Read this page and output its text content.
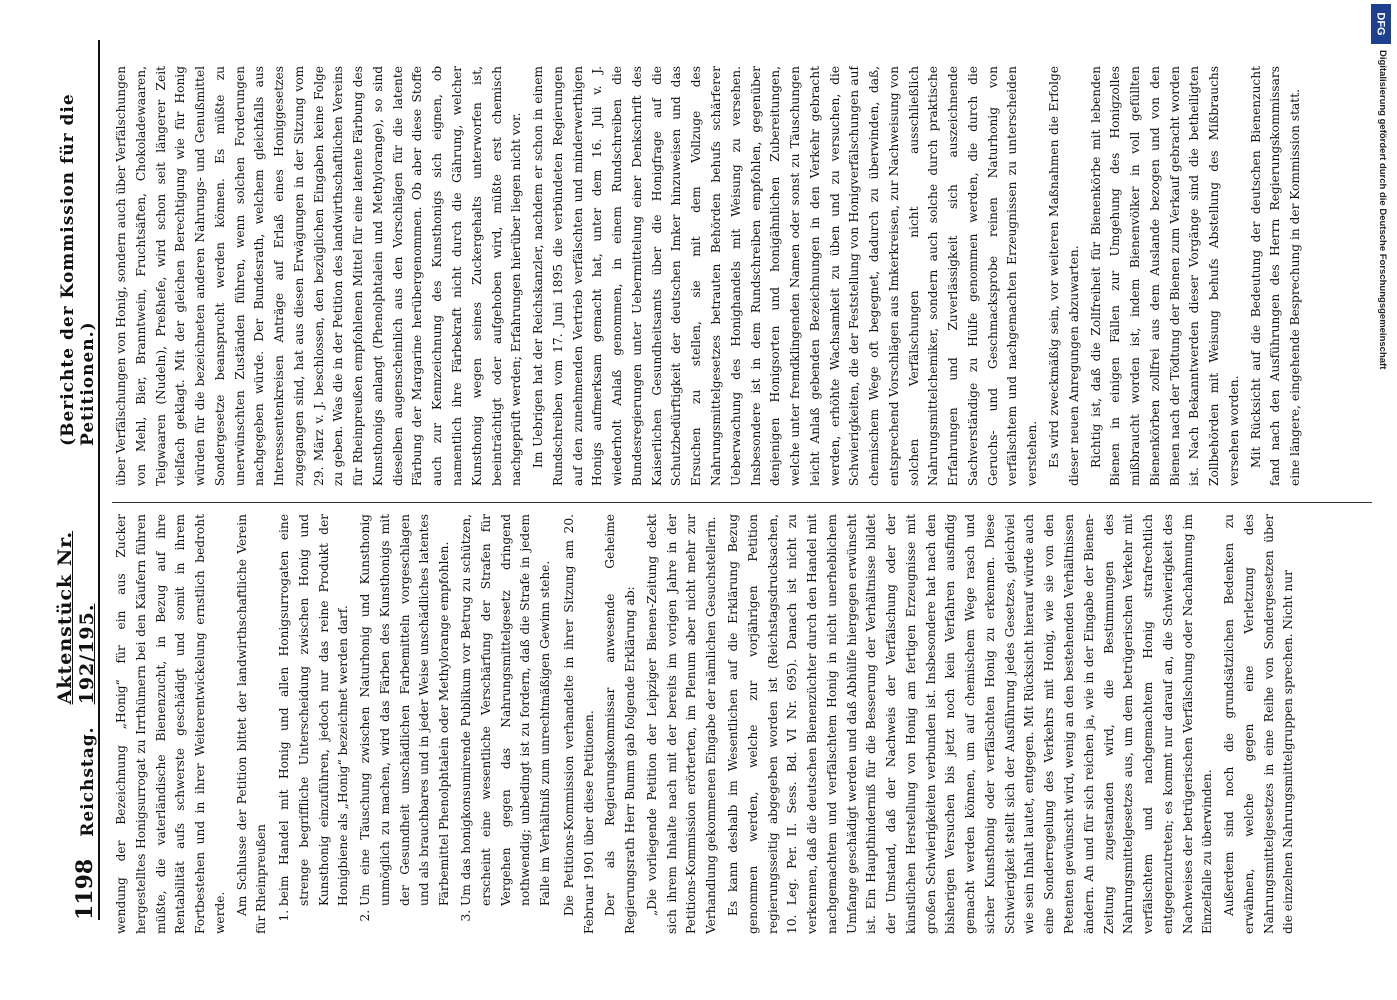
1198
Reichstag.
Aktenstück Nr. 192/195.
(Berichte der Kommission für die Petitionen.)

wendung der Bezeichnung „Honig“ für ein aus Zucker hergestelltes Honigsurrogat zu Irrthümern bei den Käufern führen müßte, die vaterländische Bienenzucht, in Bezug auf ihre Rentabilität aufs schwerste geschädigt und somit in ihrem Fortbestehen und in ihrer Weiterentwickelung ernstlich bedroht werde. Am Schlusse der Petition bittet der landwirthschaftliche Verein für Rheinpreußen 1. beim Handel mit Honig und allen Honigsurrogaten eine strenge begriffliche Unterscheidung zwischen Honig und Kunsthonig einzuführen, jedoch nur das reine Produkt der Honigbiene als „Honig“ bezeichnet werden darf. 2. Um eine Täuschung zwischen Naturhonig und Kunsthonig unmöglich zu machen, wird das Färben des Kunsthonigs mit der Gesundheit unschädlichen Farbemitteln vorgeschlagen und als brauchbares und in jeder Weise unschädliches latentes Färbemittel Phenolphtalein oder Methylorange empfohlen. 3. Um das honigkonsumirende Publikum vor Betrug zu schützen, erscheint eine wesentliche Verschärfung der Strafen für Vergehen gegen das Nahrungsmittelgesetz dringend nothwendig; unbedingt ist zu fordern, daß die Strafe in jedem Falle im Verhältniß zum unrechtmäßigen Gewinn stehe. Die Petitions-Kommission verhandelte in ihrer Sitzung am 20. Februar 1901 über diese Petitionen. Der als Regierungskommissar anwesende Geheime Regierungsrath Herr Bumm gab folgende Erklärung ab: „Die vorliegende Petition der Leipziger Bienen-Zeitung deckt sich ihrem Inhalte nach mit der bereits im vorigen Jahre in der Petitions-Kommission erörterten, im Plenum aber nicht mehr zur Verhandlung gekommenen Eingabe der nämlichen Gesuchstellerin. Es kann deshalb im Wesentlichen auf die Erklärung Bezug genommen werden, welche zur vorjährigen Petition regierungsseitig abgegeben worden ist (Reichstagsdrucksachen, 10. Leg. Per. II. Sess. Bd. VI Nr. 695). Danach ist nicht zu verkennen, daß die deutschen Bienenzüchter durch den Handel mit nachgemachtem und verfälschtem Honig in nicht unerheblichem Umfange geschädigt werden und daß Abhülfe hiergegen erwünscht ist. Ein Haupthinderniß für die Besserung der Verhältnisse bildet der Umstand, daß der Nachweis der Verfälschung oder der künstlichen Herstellung von Honig am fertigen Erzeugnisse mit großen Schwierigkeiten verbunden ist. Insbesondere hat nach den bisherigen Versuchen bis jetzt noch kein Verfahren ausfindig gemacht werden können, um auf chemischem Wege rasch und sicher Kunsthonig oder verfälschten Honig zu erkennen. Diese Schwierigkeit stellt sich der Ausführung jedes Gesetzes, gleichviel wie sein Inhalt lautet, entgegen. Mit Rücksicht hierauf würde auch eine Sonderregelung des Verkehrs mit Honig, wie sie von den Petenten gewünscht wird, wenig an den bestehenden Verhältnissen ändern. An und für sich reichen ja, wie in der Eingabe der Bienen-Zeitung zugestanden wird, die Bestimmungen des Nahrungsmittelgesetzes aus, um dem betrügerischen Verkehr mit verfälschtem und nachgemachtem Honig strafrechtlich entgegenzutreten; es kommt nur darauf an, die Schwierigkeit des Nachweises der betrügerischen Verfälschung oder Nachahmung im Einzelfalle zu überwinden. Außerdem sind noch die grundsätzlichen Bedenken zu erwähnen, welche gegen eine Verletzung des Nahrungsmittelgesetzes in eine Reihe von Sondergesetzen über die einzelnen Nahrungsmittelgruppen sprechen. Nicht nur

über Verfälschungen von Honig, sondern auch über Verfälschungen von Mehl, Bier, Branntwein, Fruchtsäften, Chokoladewaaren, Teigwaaren (Nudeln), Preßhefe, wird schon seit längerer Zeit vielfach geklagt. Mit der gleichen Berechtigung wie für Honig würden für die bezeichneten anderen Nahrungs- und Genußmittel Sondergesetze beansprucht werden können. Es müßte zu unerwünschten Zuständen führen, wenn solchen Forderungen nachgegeben würde. Der Bundesrath, welchem gleichfalls aus Interessentenkreisen Anträge auf Erlaß eines Honiggesetzes zugegangen sind, hat aus diesen Erwägungen in der Sitzung vom 29. März v. J. beschlossen, den bezüglichen Eingaben keine Folge zu geben. Was die in der Petition des landwirthschaftlichen Vereins für Rheinpreußen empfohlenen Mittel für eine latente Färbung des Kunsthonigs anlangt (Phenolphtalein und Methylorange), so sind dieselben augenscheinlich aus den Vorschlägen für die latente Färbung der Margarine herübergenommen. Ob aber diese Stoffe auch zur Kennzeichnung des Kunsthonigs sich eignen, ob namentlich ihre Färbekraft nicht durch die Gährung, welcher Kunsthonig wegen seines Zuckergehalts unterworfen ist, beeinträchtigt oder aufgehoben wird, müßte erst chemisch nachgeprüft werden; Erfahrungen hierüber liegen nicht vor. Im Uebrigen hat der Reichskanzler, nachdem er schon in einem Rundschreiben vom 17. Juni 1895 die verbündeten Regierungen auf den zunehmenden Vertrieb verfälschten und minderwerthigen Honigs aufmerksam gemacht hat, unter dem 16. Juli v. J. wiederholt Anlaß genommen, in einem Rundschreiben die Bundesregierungen unter Uebermittelung einer Denkschrift des Kaiserlichen Gesundheitsamts über die Honigfrage auf die Schutzbedürftigkeit der deutschen Imker hinzuweisen und das Ersuchen zu stellen, sie mit dem Vollzuge des Nahrungsmittelgesetzes betrauten Behörden behufs schärferer Ueberwachung des Honighandels mit Weisung zu versehen. Insbesondere ist in dem Rundschreiben empfohlen, gegenüber denjenigen Honigsorten und honigähnlichen Zubereitungen, welche unter fremdklingenden Namen oder sonst zu Täuschungen leicht Anlaß gebenden Bezeichnungen in den Verkehr gebracht werden, erhöhte Wachsamkeit zu üben und zu versuchen, die Schwierigkeiten, die der Feststellung von Honigverfälschungen auf chemischem Wege oft begegnet, dadurch zu überwinden, daß, entsprechend Vorschlägen aus Imkerkreisen, zur Nachweisung von solchen Verfälschungen nicht ausschließlich Nahrungsmittelchemiker, sondern auch solche durch praktische Erfahrungen und Zuverlässigkeit sich auszeichnende Sachverständige zu Hülfe genommen werden, die durch die Geruchs- und Geschmacksprobe reinen Naturhonig von verfälschtem und nachgemachten Erzeugnissen zu unterscheiden verstehen. Es wird zweckmäßig sein, vor weiteren Maßnahmen die Erfolge dieser neuen Anregungen abzuwarten. Richtig ist, daß die Zollfreiheit für Bienenkörbe mit lebenden Bienen in einigen Fällen zur Umgehung des Honigzolles mißbraucht worden ist, indem Bienenvölker in voll gefüllten Bienenkörben zollfrei aus dem Auslande bezogen und von den Bienen nach der Tödtung der Bienen zum Verkauf gebracht worden ist. Nach Bekanntwerden dieser Vorgänge sind die betheiligten Zollbehörden mit Weisung behufs Abstellung des Mißbrauchs versehen worden. Mit Rücksicht auf die Bedeutung der deutschen Bienenzucht fand nach den Ausführungen des Herrn Regierungskommissars eine längere, eingehende Besprechung in der Kommission statt.

DFG
Digitalisierung gefördert durch die Deutsche Forschungsgemeinschaft
